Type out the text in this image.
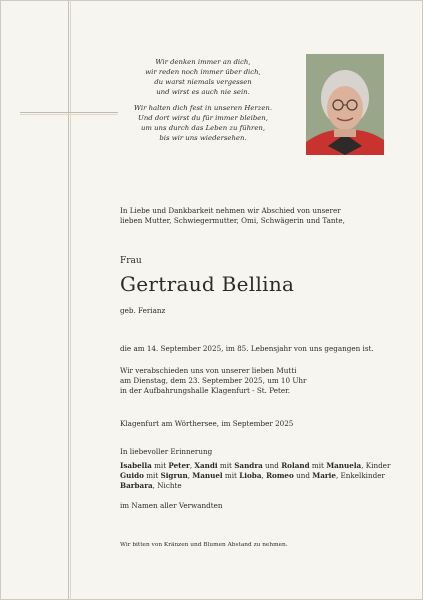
Wir denken immer an dich,
wir reden noch immer über dich,
du warst niemals vergessen
und wirst es auch nie sein.

Wir halten dich fest in unseren Herzen.
Und dort wirst du für immer bleiben,
um uns durch das Leben zu führen,
bis wir uns wiedersehen.

In Liebe und Dankbarkeit nehmen wir Abschied von unserer
lieben Mutter, Schwiegermutter, Omi, Schwägerin und Tante,
Frau
Gertraud Bellina
geb. Ferianz
die am 14. September 2025, im 85. Lebensjahr von uns gegangen ist.
Wir verabschieden uns von unserer lieben Mutti
am Dienstag, dem 23. September 2025, um 10 Uhr
in der Aufbahrungshalle Klagenfurt - St. Peter.
Klagenfurt am Wörthersee, im September 2025
In liebevoller Erinnerung
Isabella mit Peter, Xandi mit Sandra und Roland mit Manuela, Kinder
Guido mit Sigrun, Manuel mit Lioba, Romeo und Marie, Enkelkinder
Barbara, Nichte
im Namen aller Verwandten
Wir bitten von Kränzen und Blumen Abstand zu nehmen.
